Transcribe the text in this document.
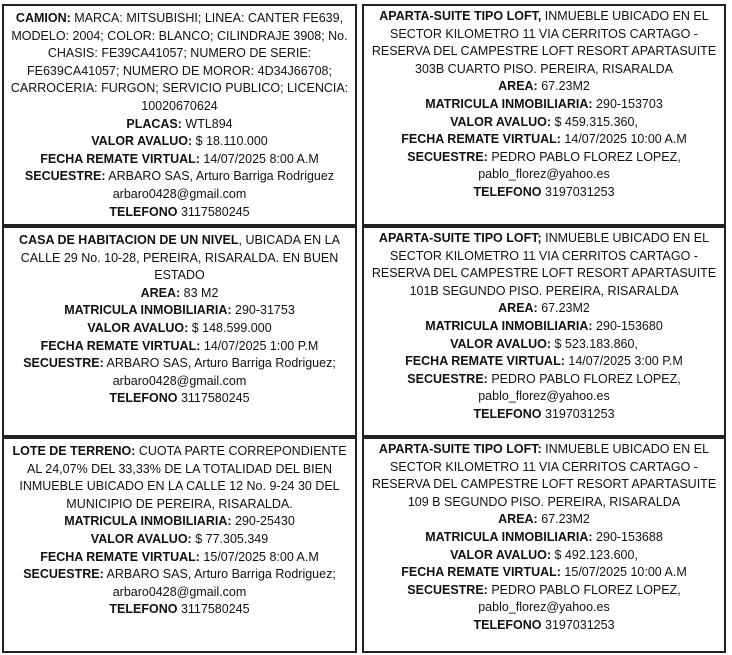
CAMION: MARCA: MITSUBISHI; LINEA: CANTER FE639, MODELO: 2004; COLOR: BLANCO; CILINDRAJE 3908; No. CHASIS: FE39CA41057; NUMERO DE SERIE: FE639CA41057; NUMERO DE MOROR: 4D34J66708; CARROCERIA: FURGON; SERVICIO PUBLICO; LICENCIA: 10020670624

PLACAS: WTL894

VALOR AVALUO: $ 18.110.000

FECHA REMATE VIRTUAL: 14/07/2025 8:00 A.M

SECUESTRE: ARBARO SAS, Arturo Barriga Rodriguez arbaro0428@gmail.com

TELEFONO 3117580245

CASA DE HABITACION DE UN NIVEL, UBICADA EN LA CALLE 29 No. 10-28, PEREIRA, RISARALDA. EN BUEN ESTADO

AREA: 83 M2

MATRICULA INMOBILIARIA: 290-31753

VALOR AVALUO: $ 148.599.000

FECHA REMATE VIRTUAL: 14/07/2025 1:00 P.M

SECUESTRE: ARBARO SAS, Arturo Barriga Rodriguez; arbaro0428@gmail.com

TELEFONO 3117580245

LOTE DE TERRENO: CUOTA PARTE CORREPONDIENTE AL 24,07% DEL 33,33% DE LA TOTALIDAD DEL BIEN INMUEBLE UBICADO EN LA CALLE 12 No. 9-24 30 DEL MUNICIPIO DE PEREIRA, RISARALDA.

MATRICULA INMOBILIARIA: 290-25430

VALOR AVALUO: $ 77.305.349

FECHA REMATE VIRTUAL: 15/07/2025 8:00 A.M

SECUESTRE: ARBARO SAS, Arturo Barriga Rodriguez; arbaro0428@gmail.com

TELEFONO 3117580245

APARTA-SUITE TIPO LOFT, INMUEBLE UBICADO EN EL SECTOR KILOMETRO 11 VIA CERRITOS CARTAGO - RESERVA DEL CAMPESTRE LOFT RESORT APARTASUITE 303B CUARTO PISO. PEREIRA, RISARALDA

AREA: 67.23M2

MATRICULA INMOBILIARIA: 290-153703

VALOR AVALUO: $ 459.315.360,

FECHA REMATE VIRTUAL: 14/07/2025 10:00 A.M

SECUESTRE: PEDRO PABLO FLOREZ LOPEZ, pablo_florez@yahoo.es

TELEFONO 3197031253

APARTA-SUITE TIPO LOFT; INMUEBLE UBICADO EN EL SECTOR KILOMETRO 11 VIA CERRITOS CARTAGO - RESERVA DEL CAMPESTRE LOFT RESORT APARTASUITE 101B SEGUNDO PISO. PEREIRA, RISARALDA

AREA: 67.23M2

MATRICULA INMOBILIARIA: 290-153680

VALOR AVALUO: $ 523.183.860,

FECHA REMATE VIRTUAL: 14/07/2025 3:00 P.M

SECUESTRE: PEDRO PABLO FLOREZ LOPEZ, pablo_florez@yahoo.es

TELEFONO 3197031253

APARTA-SUITE TIPO LOFT: INMUEBLE UBICADO EN EL SECTOR KILOMETRO 11 VIA CERRITOS CARTAGO - RESERVA DEL CAMPESTRE LOFT RESORT APARTASUITE 109 B SEGUNDO PISO. PEREIRA, RISARALDA

AREA: 67.23M2

MATRICULA INMOBILIARIA: 290-153688

VALOR AVALUO: $ 492.123.600,

FECHA REMATE VIRTUAL: 15/07/2025 10:00 A.M

SECUESTRE: PEDRO PABLO FLOREZ LOPEZ, pablo_florez@yahoo.es

TELEFONO 3197031253
